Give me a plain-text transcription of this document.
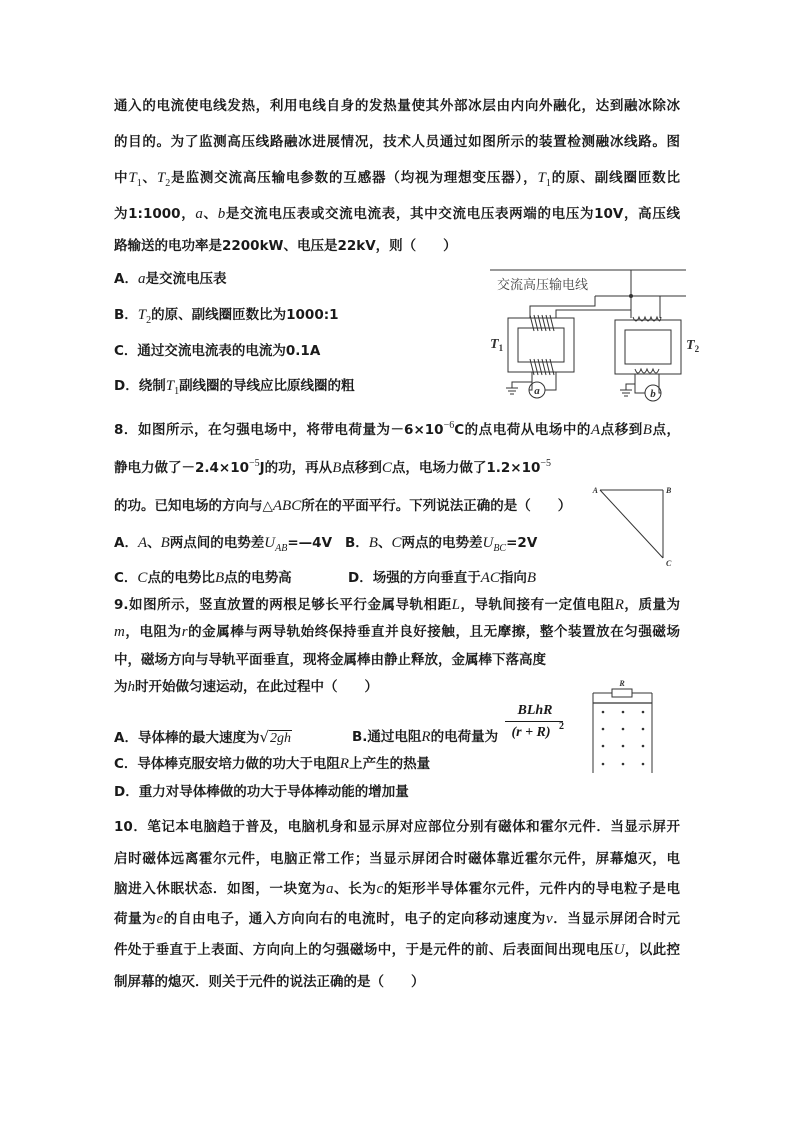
通入的电流使电线发热，利用电线自身的发热量使其外部冰层由内向外融化，达到融冰除冰
的目的。为了监测高压线路融冰进展情况，技术人员通过如图所示的装置检测融冰线路。图
中$T_1$、$T_2$是监测交流高压输电参数的互感器（均视为理想变压器），$T_1$的原、副线圈匝数比
为1:1000，a、b是交流电压表或交流电流表，其中交流电压表两端的电压为10V，高压线
路输送的电功率是2200kW、电压是22kV，则（　　）
A．a是交流电压表
B．$T_2$的原、副线圈匝数比为1000:1
C．通过交流电流表的电流为0.1A
D．绕制$T_1$副线圈的导线应比原线圈的粗
交流高压输电线
a
$T_1$
b
$T_2$
8．如图所示，在匀强电场中，将带电荷量为$-6\times 10^{-6}C$的点电荷从电场中的A点移到B点，
静电力做了$-2.4\times 10^{-5}J$的功，再从B点移到C点，电场力做了$1.2\times 10^{-5}$
的功。已知电场的方向与△ABC所在的平面平行。下列说法正确的是（　　）
A．A、B两点间的电势差$U_{AB}=—4V$ B．B、C两点的电势差$U_{BC}=2V$
C．C点的电势比B点的电势高	D．场强的方向垂直于AC指向B
A	B
C
9.如图所示，竖直放置的两根足够长平行金属导轨相距L，导轨间接有一定值电阻R，质量为
m，电阻为r的金属棒与两导轨始终保持垂直并良好接触，且无摩擦，整个装置放在匀强磁场
中，磁场方向与导轨平面垂直，现将金属棒由静止释放，金属棒下落高度
为h时开始做匀速运动，在此过程中（　　）
A．导体棒的最大速度为√2gh	B.通过电阻R的电荷量为
BLhR
(r + R) 2
C．导体棒克服安培力做的功大于电阻R上产生的热量
D．重力对导体棒做的功大于导体棒动能的增加量
R
10．笔记本电脑趋于普及，电脑机身和显示屏对应部位分别有磁体和霍尔元件．当显示屏开
启时磁体远离霍尔元件，电脑正常工作；当显示屏闭合时磁体靠近霍尔元件，屏幕熄灭，电
脑进入休眠状态．如图，一块宽为a、长为c的矩形半导体霍尔元件，元件内的导电粒子是电
荷量为e的自由电子，通入方向向右的电流时，电子的定向移动速度为v．当显示屏闭合时元
件处于垂直于上表面、方向向上的匀强磁场中，于是元件的前、后表面间出现电压U，以此控
制屏幕的熄灭．则关于元件的说法正确的是（　　）
